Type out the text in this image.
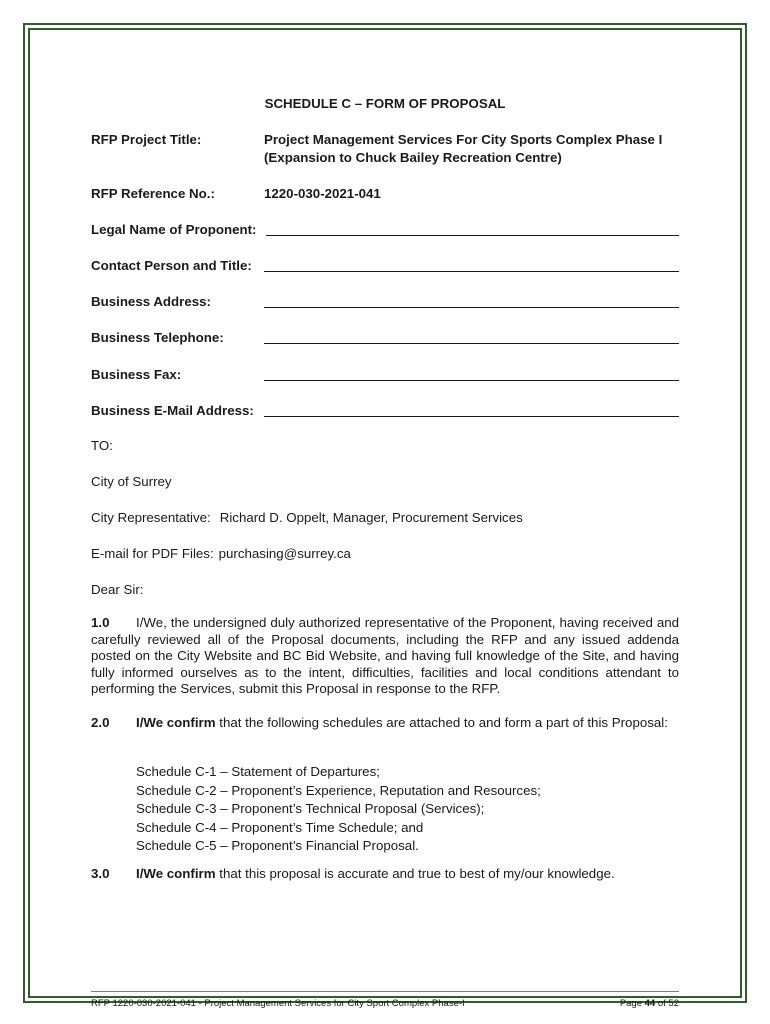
SCHEDULE C – FORM OF PROPOSAL
RFP Project Title:	Project Management Services For City Sports Complex Phase I
(Expansion to Chuck Bailey Recreation Centre)
RFP Reference No.:	1220-030-2021-041
Legal Name of Proponent:
Contact Person and Title:
Business Address:
Business Telephone:
Business Fax:
Business E-Mail Address:
TO:
City of Surrey
City Representative: Richard D. Oppelt, Manager, Procurement Services
E-mail for PDF Files: purchasing@surrey.ca
Dear Sir:
1.0 I/We, the undersigned duly authorized representative of the Proponent, having received and carefully reviewed all of the Proposal documents, including the RFP and any issued addenda posted on the City Website and BC Bid Website, and having full knowledge of the Site, and having fully informed ourselves as to the intent, difficulties, facilities and local conditions attendant to performing the Services, submit this Proposal in response to the RFP.
2.0 I/We confirm that the following schedules are attached to and form a part of this Proposal:
Schedule C-1 – Statement of Departures;
Schedule C-2 – Proponent’s Experience, Reputation and Resources;
Schedule C-3 – Proponent’s Technical Proposal (Services);
Schedule C-4 – Proponent’s Time Schedule; and
Schedule C-5 – Proponent’s Financial Proposal.
3.0 I/We confirm that this proposal is accurate and true to best of my/our knowledge.
RFP 1220-030-2021-041 - Project Management Services for City Sport Complex Phase-I	Page 44 of 52
